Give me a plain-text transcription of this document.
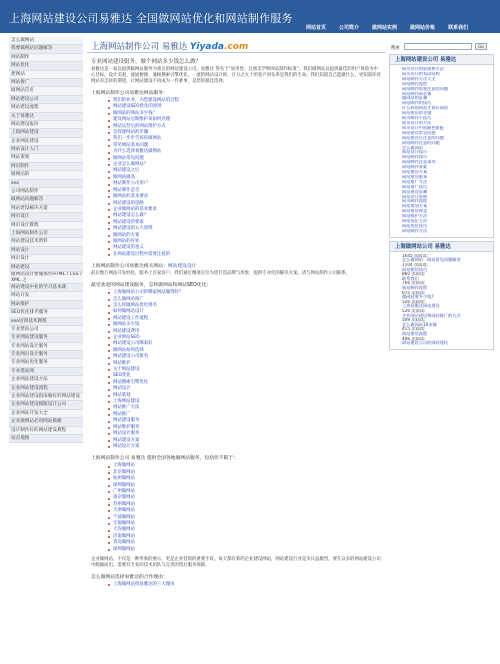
上海网站建设公司易雅达 全国做网站优化和网站制作服务
网站首页	公司简介	做网站实例	做网站价格	联系我们
怎么做网站
我要做网站问题解答
网站制作
网站优化
建网站
网站推广
做网站首页
网站建设公司
网站建设流程
关于易雅达
网站建设报价
上海网站建设
企业网站建设
网站设计入门
网站策划
网页制作
做网站的
seo
公司网站制作
做网站问题解答
网站建设解决方案
网页设计
网页设计教程
上海网站制作公司
网站建设技术资料
网站设计
网页设计
网站建设
做网站设计要懂那些HTML / CSS / XML 之
网站建设中业的学习基本课
网站开发
网站维护
SEO优化排名服务
seo培训技术教程
专业建站公司
专业网站建设服务
专业网站设计服务
专业网页设计服务
专业网站优化服务
专业建站网
企业网站建设方法
企业网站建设流程
企业网站建设指南做好的网站建设
企业网站建设模版设计公司
企业网站开发大全
企业做网站必用网站模板
设计制作好的网站建设教程
站点地图
上海网站制作公司 易雅达 Yiyada.com
专业网站建设服务，做个网站多少钱怎么做？

易雅达是一家以提供做网站服务为重点的网站建设公司。易雅达 得名于“易用性、注重美学和网站制作标准”。我们做网站以提供最佳的用户体验为中心目标，设计美观、流通便捷、兼顾搜索引擎优化。一流的网站设计师、百分之九十的客户回头率是我们的生命。我们知道自己能做什么，更知道你对网站有怎样的期望，让网站建设不再成为一件难事，是您的最佳选择。

上海网站制作公司易雅达网站服务：
我们的业务，为您建设网站的过程
网站建设SEO优化的原则
做网站的网站多少钱？
建设网站后期维护该如何处理
网站运营后的网站维护方式
怎样建网站的步骤
我们一步步告诉你做网站
常见网站基本问题
为什么选择易雅达做网站
做网站常见问题
企业怎么做网站？
网站建设之后
做网站做高
网站制作公司用户
网站制作是否
做网站的基本要求
网站建设的思路
企业做网站的基本要求
网站建设怎么做？
网站建设的要素
网站建设的五大原则
做网站的方案
做网站的好处
网站建设的意义
在网站建设过程中需要注意的
上海网站制作公司易雅达相关网站：网站建设设计

前后数万网站开发经验，服务上百家客户，我们通过精准定位为您打造品牌与形象，提供专业化的解决方案。请与网站制作公司联系。

最受欢迎的网站建设服务，怎样做网站和网站SEO优化：
上海做网站公司的哪家网站做得好？
怎么做网站推广
怎么样做网站优化排名
如何做网站设计
网站建设工作流程
做网站多少钱
网站建设费用
企业网站SEO
网站建设公司哪家好
做网站如何选择
网站建设公司排名
网站维护
关于网站建设
SEO优化
网站搜索引擎优化
网站设计
网站策划
上海网站建设
网站推广方法
网站推广
网站建设服务
网站维护服务
网站设计服务
网站建设方案
网站设计方案
上海网站制作公司 易雅达 提供全国各地做网站服务，包括但不限于：
上海做网站
北京做网站
杭州做网站
深圳做网站
广州做网站
南京做网站
苏州做网站
天津做网站
宁波做网站
无锡做网站
大连做网站
济南做网站
青岛做网站
深圳做网站

企业做网站，不仅是一种形象的展示，更是企业营销的重要手段。每天都有新的企业建设网站，网站建设行业竞争日益激烈，要在众多的网站建设公司中脱颖而出，需要有专业的技术团队与完善的售后服务保障。

怎么做网站选择易雅达的合作理由：
上海做网站找易雅达的三大理由
搜索	Go
上海网站建设公司 易雅达
网页设计的原则和方法
网页设计的布局结构
网站制作方法大全
网站制作流程
网站制作需要注意的问题
网站制作前必备
做网站的步骤
网站制作的技巧
什么样的网站才算好网站
网站建设的关键
网页制作小技巧
网页设计的方法
网页设计中的颜色搭配
网站建设常见问题
网站建设应注意的问题
网站制作注意的问题
怎么做网站
网站设计技巧
网站制作技巧
网站制作注意事项
网站制作要素
网站建设方案
网站建设服务
网站推广方法
网站推广技巧
网站建设步骤
网站设计原则
网页制作流程
网站策划方案
网站建设理念
网站维护方法
网站优化方法
网站优化技巧
网站制作方法
上海做网站公司 易雅达
1645 次阅读:
怎么做网站：网站常见问题解答
1104 次阅读:
网站建设技巧
860 次阅读:
联系我们
766 次阅读:
网站制作流程
675 次阅读:
做网站要多少钱?
526 次阅读:
上海易雅达网站建设
526 次阅读:
企业网站建设和网站推广的方式
509 次阅读:
怎么做网站10步骤
415 次阅读:
网站建设流程
406 次阅读:
网站建设公司的网站建设
